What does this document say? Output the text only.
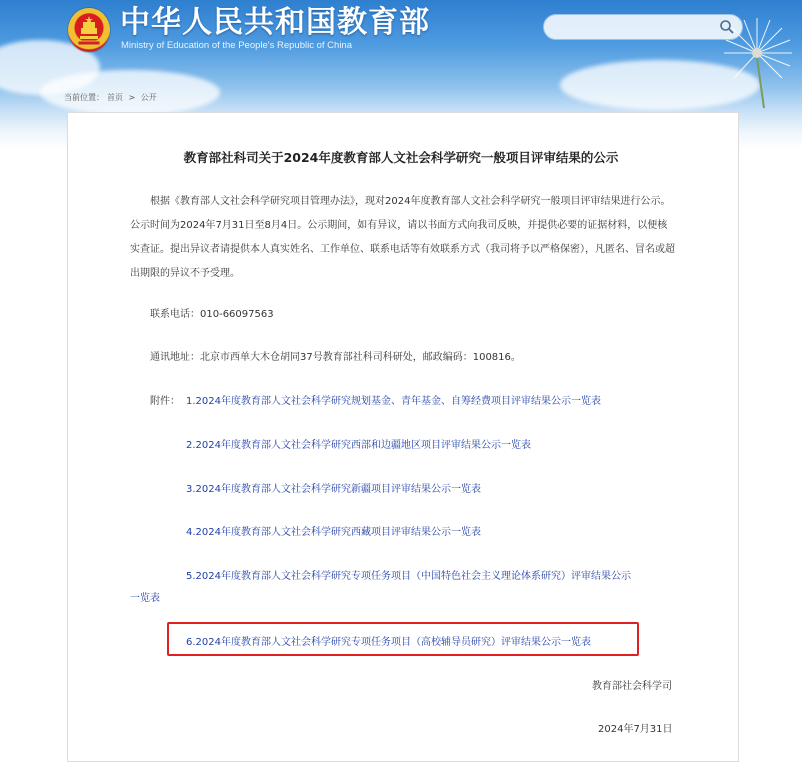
中华人民共和国教育部
Ministry of Education of the People's Republic of China
当前位置： 首页 > 公开
教育部社科司关于2024年度教育部人文社会科学研究一般项目评审结果的公示

根据《教育部人文社会科学研究项目管理办法》，现对2024年度教育部人文社会科学研究一般项目评审结果进行公示。公示时间为2024年7月31日至8月4日。公示期间，如有异议，请以书面方式向我司反映，并提供必要的证据材料，以便核实查证。提出异议者请提供本人真实姓名、工作单位、联系电话等有效联系方式（我司将予以严格保密），凡匿名、冒名或超出期限的异议不予受理。

联系电话：010-66097563
通讯地址：北京市西单大木仓胡同37号教育部社科司科研处，邮政编码：100816。
附件： 1.2024年度教育部人文社会科学研究规划基金、青年基金、自筹经费项目评审结果公示一览表
2.2024年度教育部人文社会科学研究西部和边疆地区项目评审结果公示一览表
3.2024年度教育部人文社会科学研究新疆项目评审结果公示一览表
4.2024年度教育部人文社会科学研究西藏项目评审结果公示一览表
5.2024年度教育部人文社会科学研究专项任务项目（中国特色社会主义理论体系研究）评审结果公示
一览表
6.2024年度教育部人文社会科学研究专项任务项目（高校辅导员研究）评审结果公示一览表
教育部社会科学司
2024年7月31日
